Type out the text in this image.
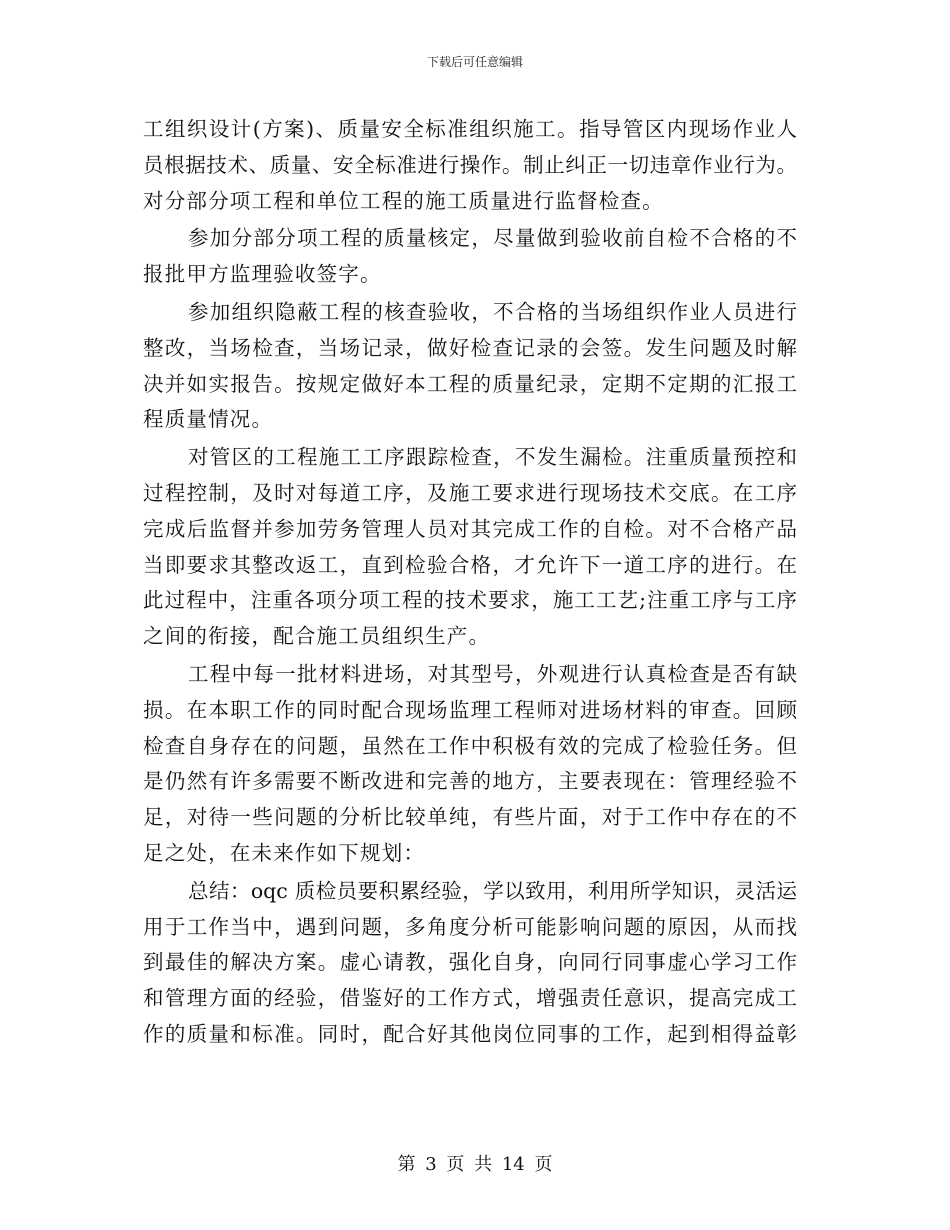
下载后可任意编辑
工组织设计(方案)、质量安全标准组织施工。指导管区内现场作业人
员根据技术、质量、安全标准进行操作。制止纠正一切违章作业行为。
对分部分项工程和单位工程的施工质量进行监督检查。
参加分部分项工程的质量核定，尽量做到验收前自检不合格的不
报批甲方监理验收签字。
参加组织隐蔽工程的核查验收，不合格的当场组织作业人员进行
整改，当场检查，当场记录，做好检查记录的会签。发生问题及时解
决并如实报告。按规定做好本工程的质量纪录，定期不定期的汇报工
程质量情况。
对管区的工程施工工序跟踪检查，不发生漏检。注重质量预控和
过程控制，及时对每道工序，及施工要求进行现场技术交底。在工序
完成后监督并参加劳务管理人员对其完成工作的自检。对不合格产品
当即要求其整改返工，直到检验合格，才允许下一道工序的进行。在
此过程中，注重各项分项工程的技术要求，施工工艺;注重工序与工序
之间的衔接，配合施工员组织生产。
工程中每一批材料进场，对其型号，外观进行认真检查是否有缺
损。在本职工作的同时配合现场监理工程师对进场材料的审查。回顾
检查自身存在的问题，虽然在工作中积极有效的完成了检验任务。但
是仍然有许多需要不断改进和完善的地方，主要表现在：管理经验不
足，对待一些问题的分析比较单纯，有些片面，对于工作中存在的不
足之处，在未来作如下规划：
总结：oqc 质检员要积累经验，学以致用，利用所学知识，灵活运
用于工作当中，遇到问题，多角度分析可能影响问题的原因，从而找
到最佳的解决方案。虚心请教，强化自身，向同行同事虚心学习工作
和管理方面的经验，借鉴好的工作方式，增强责任意识，提高完成工
作的质量和标准。同时，配合好其他岗位同事的工作，起到相得益彰
第 3 页 共 14 页
